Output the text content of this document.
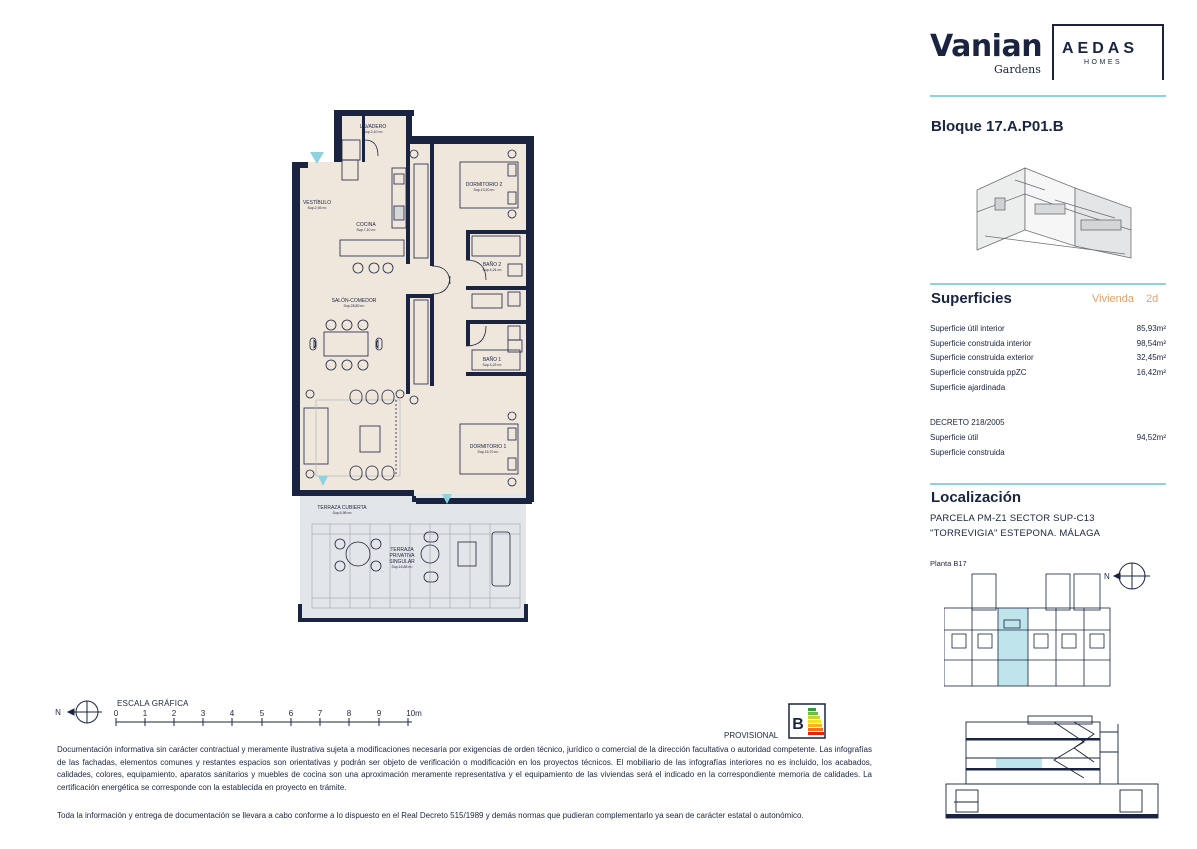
LAVADERO
Sup.2,10 m²
VESTÍBULO
Sup.2,93 m²
COCINA
Sup.7,10 m²
DORMITORIO 2
Sup.13,20 m²
BAÑO 2
Sup.4,24 m²
SALÓN-COMEDOR
Sup.28,80 m²
BAÑO 1
Sup.4,23 m²
DORMITORIO 1
Sup.15,70 m²
TERRAZA CUBIERTA
Sup.6,98 m²
TERRAZA
PRIVATIVA
SINGULAR
Sup.16,88 m²
ESCALA GRÁFICA
N	0	1	2	3	4	5	6	7	8	9	10m
PROVISIONAL
B

Documentación informativa sin carácter contractual y meramente ilustrativa sujeta a modificaciones necesaria por exigencias de orden técnico, jurídico o comercial de la dirección facultativa o autoridad competente. Las infografías de las fachadas, elementos comunes y restantes espacios son orientativas y podrán ser objeto de verificación o modificación en los proyectos técnicos. El mobiliario de las infografías interiores no es incluido, los acabados, calidades, colores, equipamiento, aparatos sanitarios y muebles de cocina son una aproximación meramente representativa y el equipamiento de las viviendas será el indicado en la correspondiente memoria de calidades. La certificación energética se corresponde con la establecida en proyecto en trámite.

Toda la información y entrega de documentación se llevara a cabo conforme a lo dispuesto en el Real Decreto 515/1989 y demás normas que pudieran complementarlo ya sean de carácter estatal o autonómico.

Vanian
Gardens
AEDAS
HOMES
Bloque 17.A.P01.B
Superficies	Vivienda 2d
Superficie útil interior	85,93m²
Superficie construida interior	98,54m²
Superficie construida exterior	32,45m²
Superficie construida ppZC	16,42m²
Superficie ajardinada
DECRETO 218/2005
Superficie útil	94,52m²
Superficie construida
Localización
PARCELA PM-Z1 SECTOR SUP-C13
"TORREVIGIA" ESTEPONA. MÁLAGA
Planta B17
N
